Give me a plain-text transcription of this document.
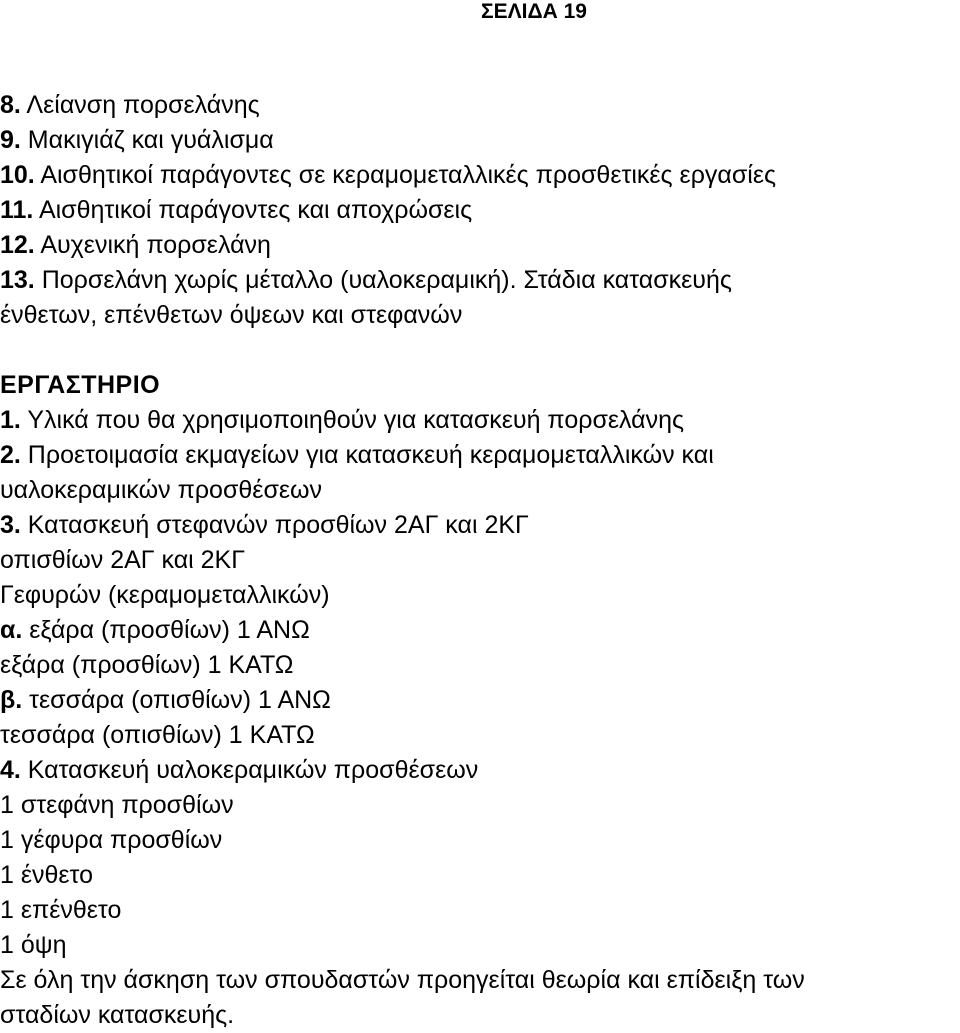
ΣΕΛΙΔΑ 19
8. Λείανση πορσελάνης
9. Μακιγιάζ και γυάλισμα
10. Αισθητικοί παράγοντες σε κεραμομεταλλικές προσθετικές εργασίες
11. Αισθητικοί παράγοντες και αποχρώσεις
12. Αυχενική πορσελάνη
13. Πορσελάνη χωρίς μέταλλο (υαλοκεραμική). Στάδια κατασκευής
ένθετων, επένθετων όψεων και στεφανών
ΕΡΓΑΣΤΗΡΙΟ
1. Υλικά που θα χρησιμοποιηθούν για κατασκευή πορσελάνης
2. Προετοιμασία εκμαγείων για κατασκευή κεραμομεταλλικών και
υαλοκεραμικών προσθέσεων
3. Κατασκευή στεφανών προσθίων 2ΑΓ και 2ΚΓ
οπισθίων 2ΑΓ και 2ΚΓ
Γεφυρών (κεραμομεταλλικών)
α. εξάρα (προσθίων) 1 ΑΝΩ
εξάρα (προσθίων) 1 ΚΑΤΩ
β. τεσσάρα (οπισθίων) 1 ΑΝΩ
τεσσάρα (οπισθίων) 1 ΚΑΤΩ
4. Κατασκευή υαλοκεραμικών προσθέσεων
1 στεφάνη προσθίων
1 γέφυρα προσθίων
1 ένθετο
1 επένθετο
1 όψη
Σε όλη την άσκηση των σπουδαστών προηγείται θεωρία και επίδειξη των
σταδίων κατασκευής.
